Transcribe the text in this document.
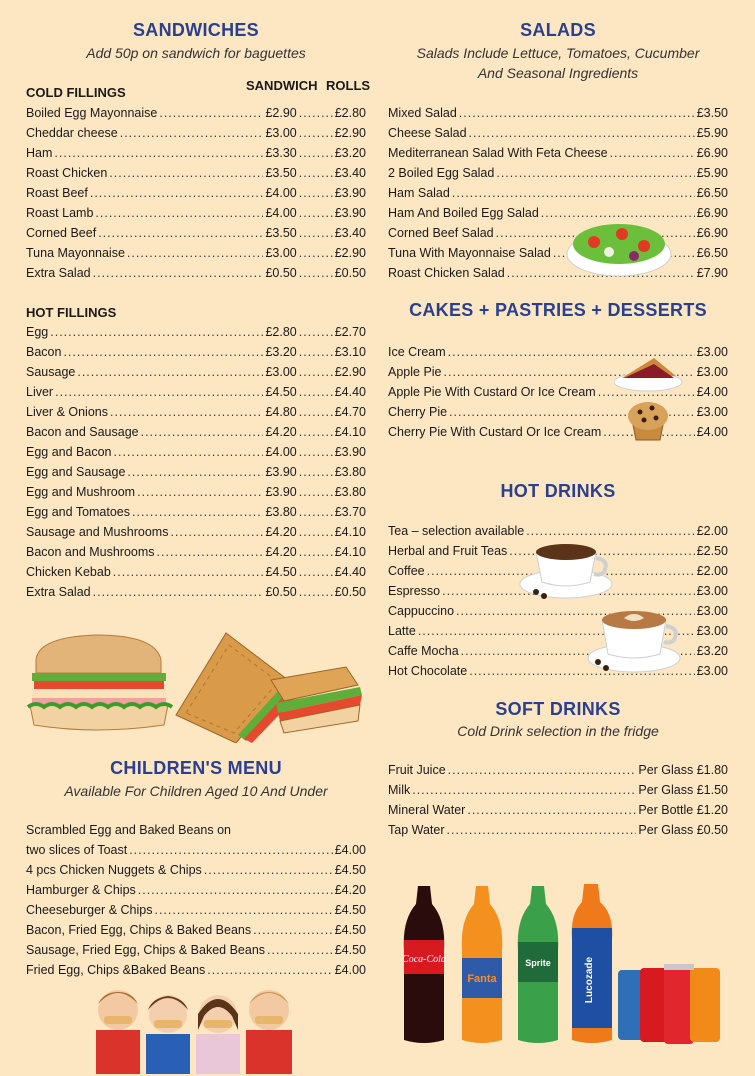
SANDWICHES
Add 50p on sandwich for baguettes
COLD FILLINGS	SANDWICH ROLLS
Boiled Egg Mayonnaise .....	£2.90 .....	£2.80
Cheddar cheese .....	£3.00 .....	£2.90
Ham .....	£3.30 .....	£3.20
Roast Chicken .....	£3.50 .....	£3.40
Roast Beef .....	£4.00 .....	£3.90
Roast Lamb .....	£4.00 .....	£3.90
Corned Beef .....	£3.50 .....	£3.40
Tuna Mayonnaise .....	£3.00 .....	£2.90
Extra Salad .....	£0.50 .....	£0.50
HOT FILLINGS
Egg .....	£2.80 .....	£2.70
Bacon .....	£3.20 .....	£3.10
Sausage .....	£3.00 .....	£2.90
Liver .....	£4.50 .....	£4.40
Liver & Onions .....	£4.80 .....	£4.70
Bacon and Sausage .....	£4.20 .....	£4.10
Egg and Bacon .....	£4.00 .....	£3.90
Egg and Sausage .....	£3.90 .....	£3.80
Egg and Mushroom .....	£3.90 .....	£3.80
Egg and Tomatoes .....	£3.80 .....	£3.70
Sausage and Mushrooms .....	£4.20 .....	£4.10
Bacon and Mushrooms .....	£4.20 .....	£4.10
Chicken Kebab .....	£4.50 .....	£4.40
Extra Salad .....	£0.50 .....	£0.50
CHILDREN'S MENU
Available For Children Aged 10 And Under
Scrambled Egg and Baked Beans on
two slices of Toast .....	£4.00
4 pcs Chicken Nuggets & Chips .....	£4.50
Hamburger & Chips .....	£4.20
Cheeseburger & Chips .....	£4.50
Bacon, Fried Egg, Chips & Baked Beans .....	£4.50
Sausage, Fried Egg, Chips & Baked Beans .....	£4.50
Fried Egg, Chips &Baked Beans .....	£4.00
SALADS
Salads Include Lettuce, Tomatoes, Cucumber
And Seasonal Ingredients
Mixed Salad .....	£3.50
Cheese Salad .....	£5.90
Mediterranean Salad With Feta Cheese .....	£6.90
2 Boiled Egg Salad .....	£5.90
Ham Salad .....	£6.50
Ham And Boiled Egg Salad .....	£6.90
Corned Beef Salad .....	£6.90
Tuna With Mayonnaise Salad .....	£6.50
Roast Chicken Salad .....	£7.90
CAKES + PASTRIES + DESSERTS
Ice Cream .....	£3.00
Apple Pie .....	£3.00
Apple Pie With Custard Or Ice Cream .....	£4.00
Cherry Pie .....	£3.00
Cherry Pie With Custard Or Ice Cream .....	£4.00
HOT DRINKS
Tea – selection available .....	£2.00
Herbal and Fruit Teas .....	£2.50
Coffee .....	£2.00
Espresso .....	£3.00
Cappuccino .....	£3.00
Latte .....	£3.00
Caffe Mocha .....	£3.20
Hot Chocolate .....	£3.00
SOFT DRINKS
Cold Drink selection in the fridge
Fruit Juice .....	Per Glass £1.80
Milk .....	Per Glass £1.50
Mineral Water .....	Per Bottle £1.20
Tap Water .....	Per Glass £0.50
Coca-Cola
Fanta
Sprite	Lucozade
